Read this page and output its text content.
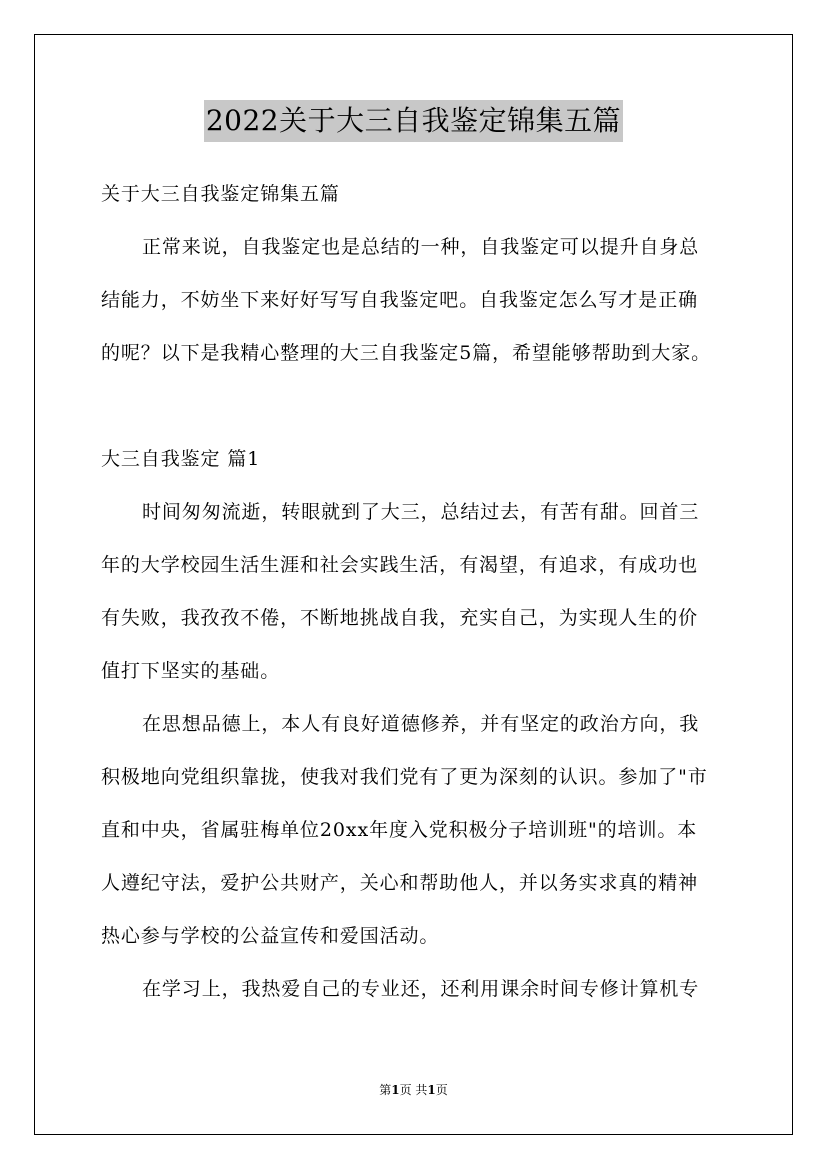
2022关于大三自我鉴定锦集五篇
关于大三自我鉴定锦集五篇
正常来说，自我鉴定也是总结的一种，自我鉴定可以提升自身总
结能力，不妨坐下来好好写写自我鉴定吧。自我鉴定怎么写才是正确
的呢？以下是我精心整理的大三自我鉴定5篇，希望能够帮助到大家。
大三自我鉴定 篇1
时间匆匆流逝，转眼就到了大三，总结过去，有苦有甜。回首三
年的大学校园生活生涯和社会实践生活，有渴望，有追求，有成功也
有失败，我孜孜不倦，不断地挑战自我，充实自己，为实现人生的价
值打下坚实的基础。
在思想品德上，本人有良好道德修养，并有坚定的政治方向，我
积极地向党组织靠拢，使我对我们党有了更为深刻的认识。参加了"市
直和中央，省属驻梅单位20xx年度入党积极分子培训班"的培训。本
人遵纪守法，爱护公共财产，关心和帮助他人，并以务实求真的精神
热心参与学校的公益宣传和爱国活动。
在学习上，我热爱自己的专业还，还利用课余时间专修计算机专
第1页 共1页
